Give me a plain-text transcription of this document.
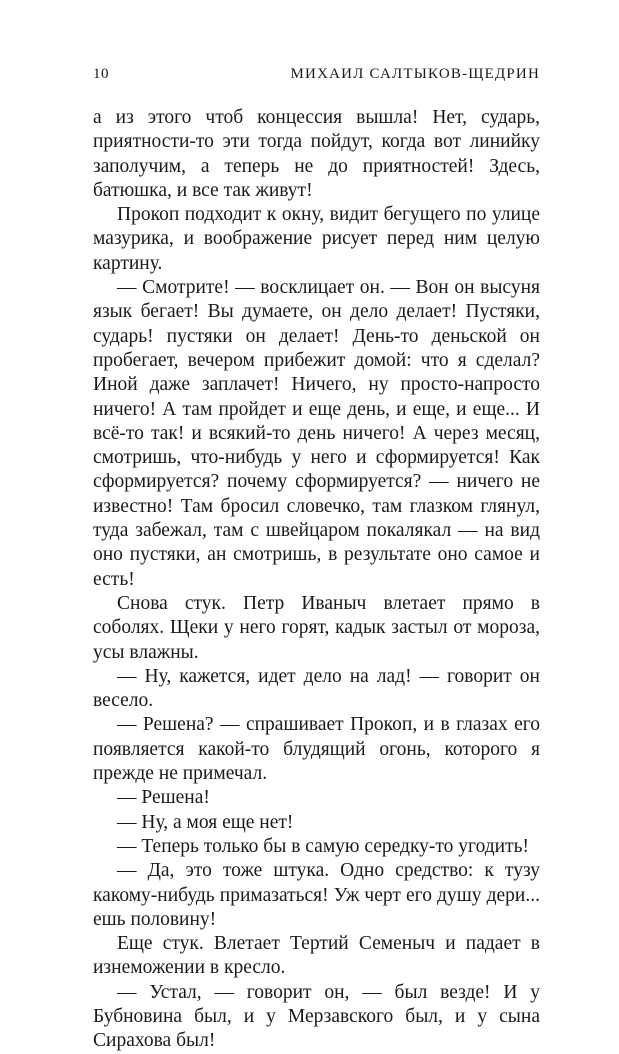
10	МИХАИЛ САЛТЫКОВ-ЩЕДРИН

а из этого чтоб концессия вышла! Нет, сударь, приятности-то эти тогда пойдут, когда вот линийку заполучим, а теперь не до приятностей! Здесь, батюшка, и все так живут!

Прокоп подходит к окну, видит бегущего по улице мазурика, и воображение рисует перед ним целую картину.

— Смотрите! — восклицает он. — Вон он высуня язык бегает! Вы думаете, он дело делает! Пустяки, сударь! пустяки он делает! День-то деньской он пробегает, вечером прибежит домой: что я сделал? Иной даже заплачет! Ничего, ну просто-напросто ничего! А там пройдет и еще день, и еще, и еще... И всё-то так! и всякий-то день ничего! А через месяц, смотришь, что-нибудь у него и сформируется! Как сформируется? почему сформируется? — ничего не известно! Там бросил словечко, там глазком глянул, туда забежал, там с швейцаром покалякал — на вид оно пустяки, ан смотришь, в результате оно самое и есть!

Снова стук. Петр Иваныч влетает прямо в соболях. Щеки у него горят, кадык застыл от мороза, усы влажны.

— Ну, кажется, идет дело на лад! — говорит он весело.

— Решена? — спрашивает Прокоп, и в глазах его появляется какой-то блудящий огонь, которого я прежде не примечал.

— Решена!

— Ну, а моя еще нет!

— Теперь только бы в самую середку-то угодить!

— Да, это тоже штука. Одно средство: к тузу какому-нибудь примазаться! Уж черт его душу дери... ешь половину!

Еще стук. Влетает Тертий Семеныч и падает в изнеможении в кресло.

— Устал, — говорит он, — был везде! И у Бубновина был, и у Мерзавского был, и у сына Сирахова был!
